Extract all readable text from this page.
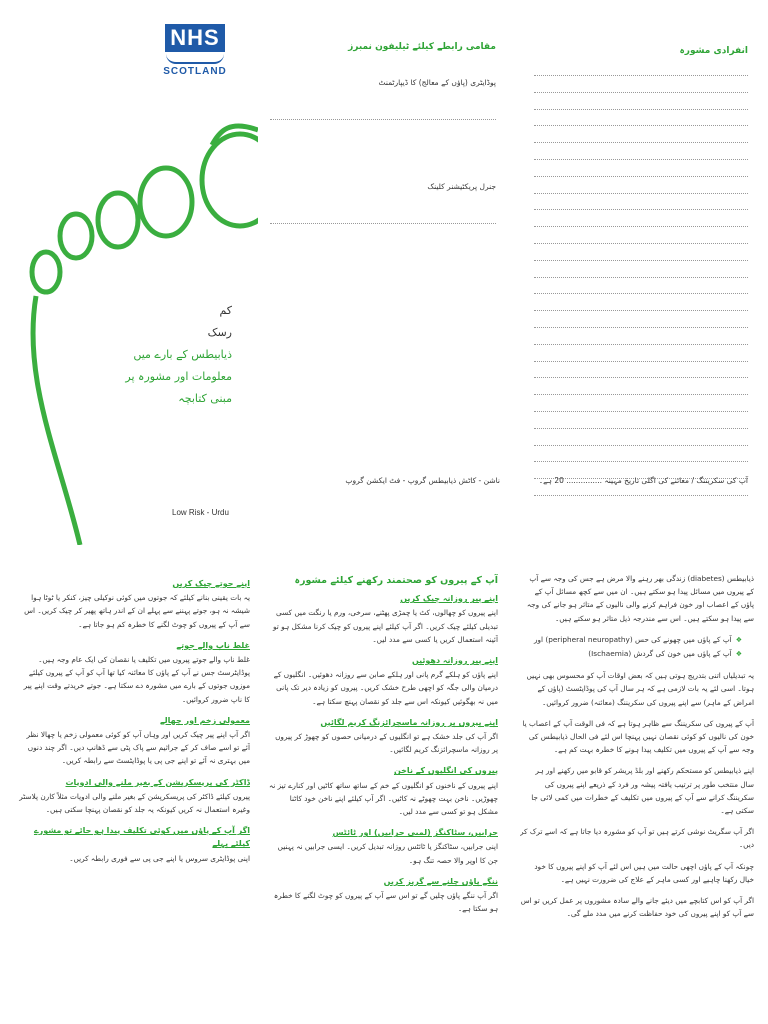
NHS
SCOTLAND
کم
رسک
ذیابیطس کے بارے میں
معلومات اور مشورہ پر مبنی کتابچہ
Low Risk - Urdu
مقامی رابطے کیلئے ٹیلیفون نمبرز
پوڈایٹری (پاؤں کے معالج) کا ڈیپارٹمنٹ
جنرل پریکٹیشنر کلینک
ناشن - کاٹش ذیابیطس گروپ - فٹ ایکشن گروپ
انفرادی مشورہ
آپ کی سکریننگ / معائنے کی اگلی تاریخ مہینہ ............... 20 ہے۔
اپنے جوتے چیک کریں

یہ بات یقینی بنانے کیلئے کہ جوتوں میں کوئی نوکیلی چیز، کنکر یا ٹوٹا ہوا شیشہ نہ ہو، جوتے پہننے سے پہلے ان کے اندر ہاتھ پھیر کر چیک کریں۔ اس سے آپ کے پیروں کو چوٹ لگنے کا خطرہ کم ہو جاتا ہے۔

غلط ناپ والے جوتے

غلط ناپ والے جوتے پیروں میں تکلیف یا نقصان کی ایک عام وجہ ہیں۔ پوڈایٹرسٹ جس نے آپ کے پاؤں کا معائنہ کیا تھا آپ کو آپ کے پیروں کیلئے موزوں جوتوں کے بارے میں مشورہ دے سکتا ہے۔ جوتے خریدتے وقت اپنے پیر کا ناپ ضرور کروائیں۔

معمولی زخم اور چھالے

اگر آپ اپنے پیر چیک کریں اور وہاں آپ کو کوئی معمولی زخم یا چھالا نظر آئے تو اسے صاف کر کے جراثیم سے پاک پٹی سے ڈھانپ دیں۔ اگر چند دنوں میں بہتری نہ آئے تو اپنے جی پی یا پوڈایٹسٹ سے رابطہ کریں۔

ڈاکٹر کی پریسکرپشن کے بغیر ملنے والی ادویات

پیروں کیلئے ڈاکٹر کی پریسکرپشن کے بغیر ملنے والی ادویات مثلاً کارن پلاسٹر وغیرہ استعمال نہ کریں کیونکہ یہ جلد کو نقصان پہنچا سکتی ہیں۔

اگر آپ کے پاؤں میں کوئی تکلیف پیدا ہو جائے تو مشورے کیلئے پہلے

اپنی پوڈایٹری سروس یا اپنے جی پی سے فوری رابطہ کریں۔

آپ کے پیروں کو صحتمند رکھنے کیلئے مشورہ
اپنے پیر روزانہ چیک کریں

اپنے پیروں کو چھالوں، کٹ یا چمڑی پھٹنے، سرخی، ورم یا رنگت میں کسی تبدیلی کیلئے چیک کریں۔ اگر آپ کیلئے اپنے پیروں کو چیک کرنا مشکل ہو تو آئینہ استعمال کریں یا کسی سے مدد لیں۔

اپنے پیر روزانہ دھوئیں

اپنے پاؤں کو ہلکے گرم پانی اور ہلکے صابن سے روزانہ دھوئیں۔ انگلیوں کے درمیان والی جگہ کو اچھی طرح خشک کریں۔ پیروں کو زیادہ دیر تک پانی میں نہ بھگوئیں کیونکہ اس سے جلد کو نقصان پہنچ سکتا ہے۔

اپنے پیروں پر روزانہ ماسچرائزنگ کریم لگائیں

اگر آپ کی جلد خشک ہے تو انگلیوں کے درمیانی حصوں کو چھوڑ کر پیروں پر روزانہ ماسچرائزنگ کریم لگائیں۔

پیروں کی انگلیوں کے ناخن

اپنے پیروں کے ناخنوں کو انگلیوں کے خم کے ساتھ ساتھ کاٹیں اور کنارے تیز نہ چھوڑیں۔ ناخن بہت چھوٹے نہ کاٹیں۔ اگر آپ کیلئے اپنے ناخن خود کاٹنا مشکل ہو تو کسی سے مدد لیں۔

جرابیں، سٹاکنگز (لمبی جرابیں) اور ٹائٹس

اپنی جرابیں، سٹاکنگز یا ٹائٹس روزانہ تبدیل کریں۔ ایسی جرابیں نہ پہنیں جن کا اوپر والا حصہ تنگ ہو۔

ننگے پاؤں چلنے سے گریز کریں

اگر آپ ننگے پاؤں چلیں گے تو اس سے آپ کے پیروں کو چوٹ لگنے کا خطرہ ہو سکتا ہے۔

ذیابیطس (diabetes) زندگی بھر رہنے والا مرض ہے جس کی وجہ سے آپ کے پیروں میں مسائل پیدا ہو سکتے ہیں۔ ان میں سے کچھ مسائل آپ کے پاؤں کے اعصاب اور خون فراہم کرنے والی نالیوں کے متاثر ہو جانے کی وجہ سے پیدا ہو سکتے ہیں۔ اس سے مندرجہ ذیل متاثر ہو سکتے ہیں۔

❖ آپ کے پاؤں میں چھونے کی حس (peripheral neuropathy) اور
❖ آپ کے پاؤں میں خون کی گردش (Ischaemia)

یہ تبدیلیاں اتنی بتدریج ہوتی ہیں کہ بعض اوقات آپ کو محسوس بھی نہیں ہوتا۔ اسی لئے یہ بات لازمی ہے کہ ہر سال آپ کی پوڈایٹسٹ (پاؤں کے امراض کے ماہر) سے اپنے پیروں کی سکریننگ (معائنہ) ضرور کروائیں۔

آپ کے پیروں کی سکریننگ سے ظاہر ہوتا ہے کہ فی الوقت آپ کے اعصاب یا خون کی نالیوں کو کوئی نقصان نہیں پہنچا اس لئے فی الحال ذیابیطس کی وجہ سے آپ کے پیروں میں تکلیف پیدا ہونے کا خطرہ بہت کم ہے۔

اپنے ذیابیطس کو مستحکم رکھنے اور بلڈ پریشر کو قابو میں رکھنے اور ہر سال منتخب طور پر ترتیب یافتہ پیشہ ور فرد کے ذریعے اپنے پیروں کی سکریننگ کرانے سے آپ کے پیروں میں تکلیف کے خطرات میں کمی لائی جا سکتی ہے۔

اگر آپ سگریٹ نوشی کرتے ہیں تو آپ کو مشورہ دیا جاتا ہے کہ اسے ترک کر دیں۔

چونکہ آپ کے پاؤں اچھی حالت میں ہیں اس لئے آپ کو اپنے پیروں کا خود خیال رکھنا چاہیے اور کسی ماہر کے علاج کی ضرورت نہیں ہے۔

اگر آپ کو اس کتابچے میں دیئے جانے والے سادہ مشوروں پر عمل کریں تو اس سے آپ کو اپنے پیروں کی خود حفاظت کرنے میں مدد ملے گی۔
